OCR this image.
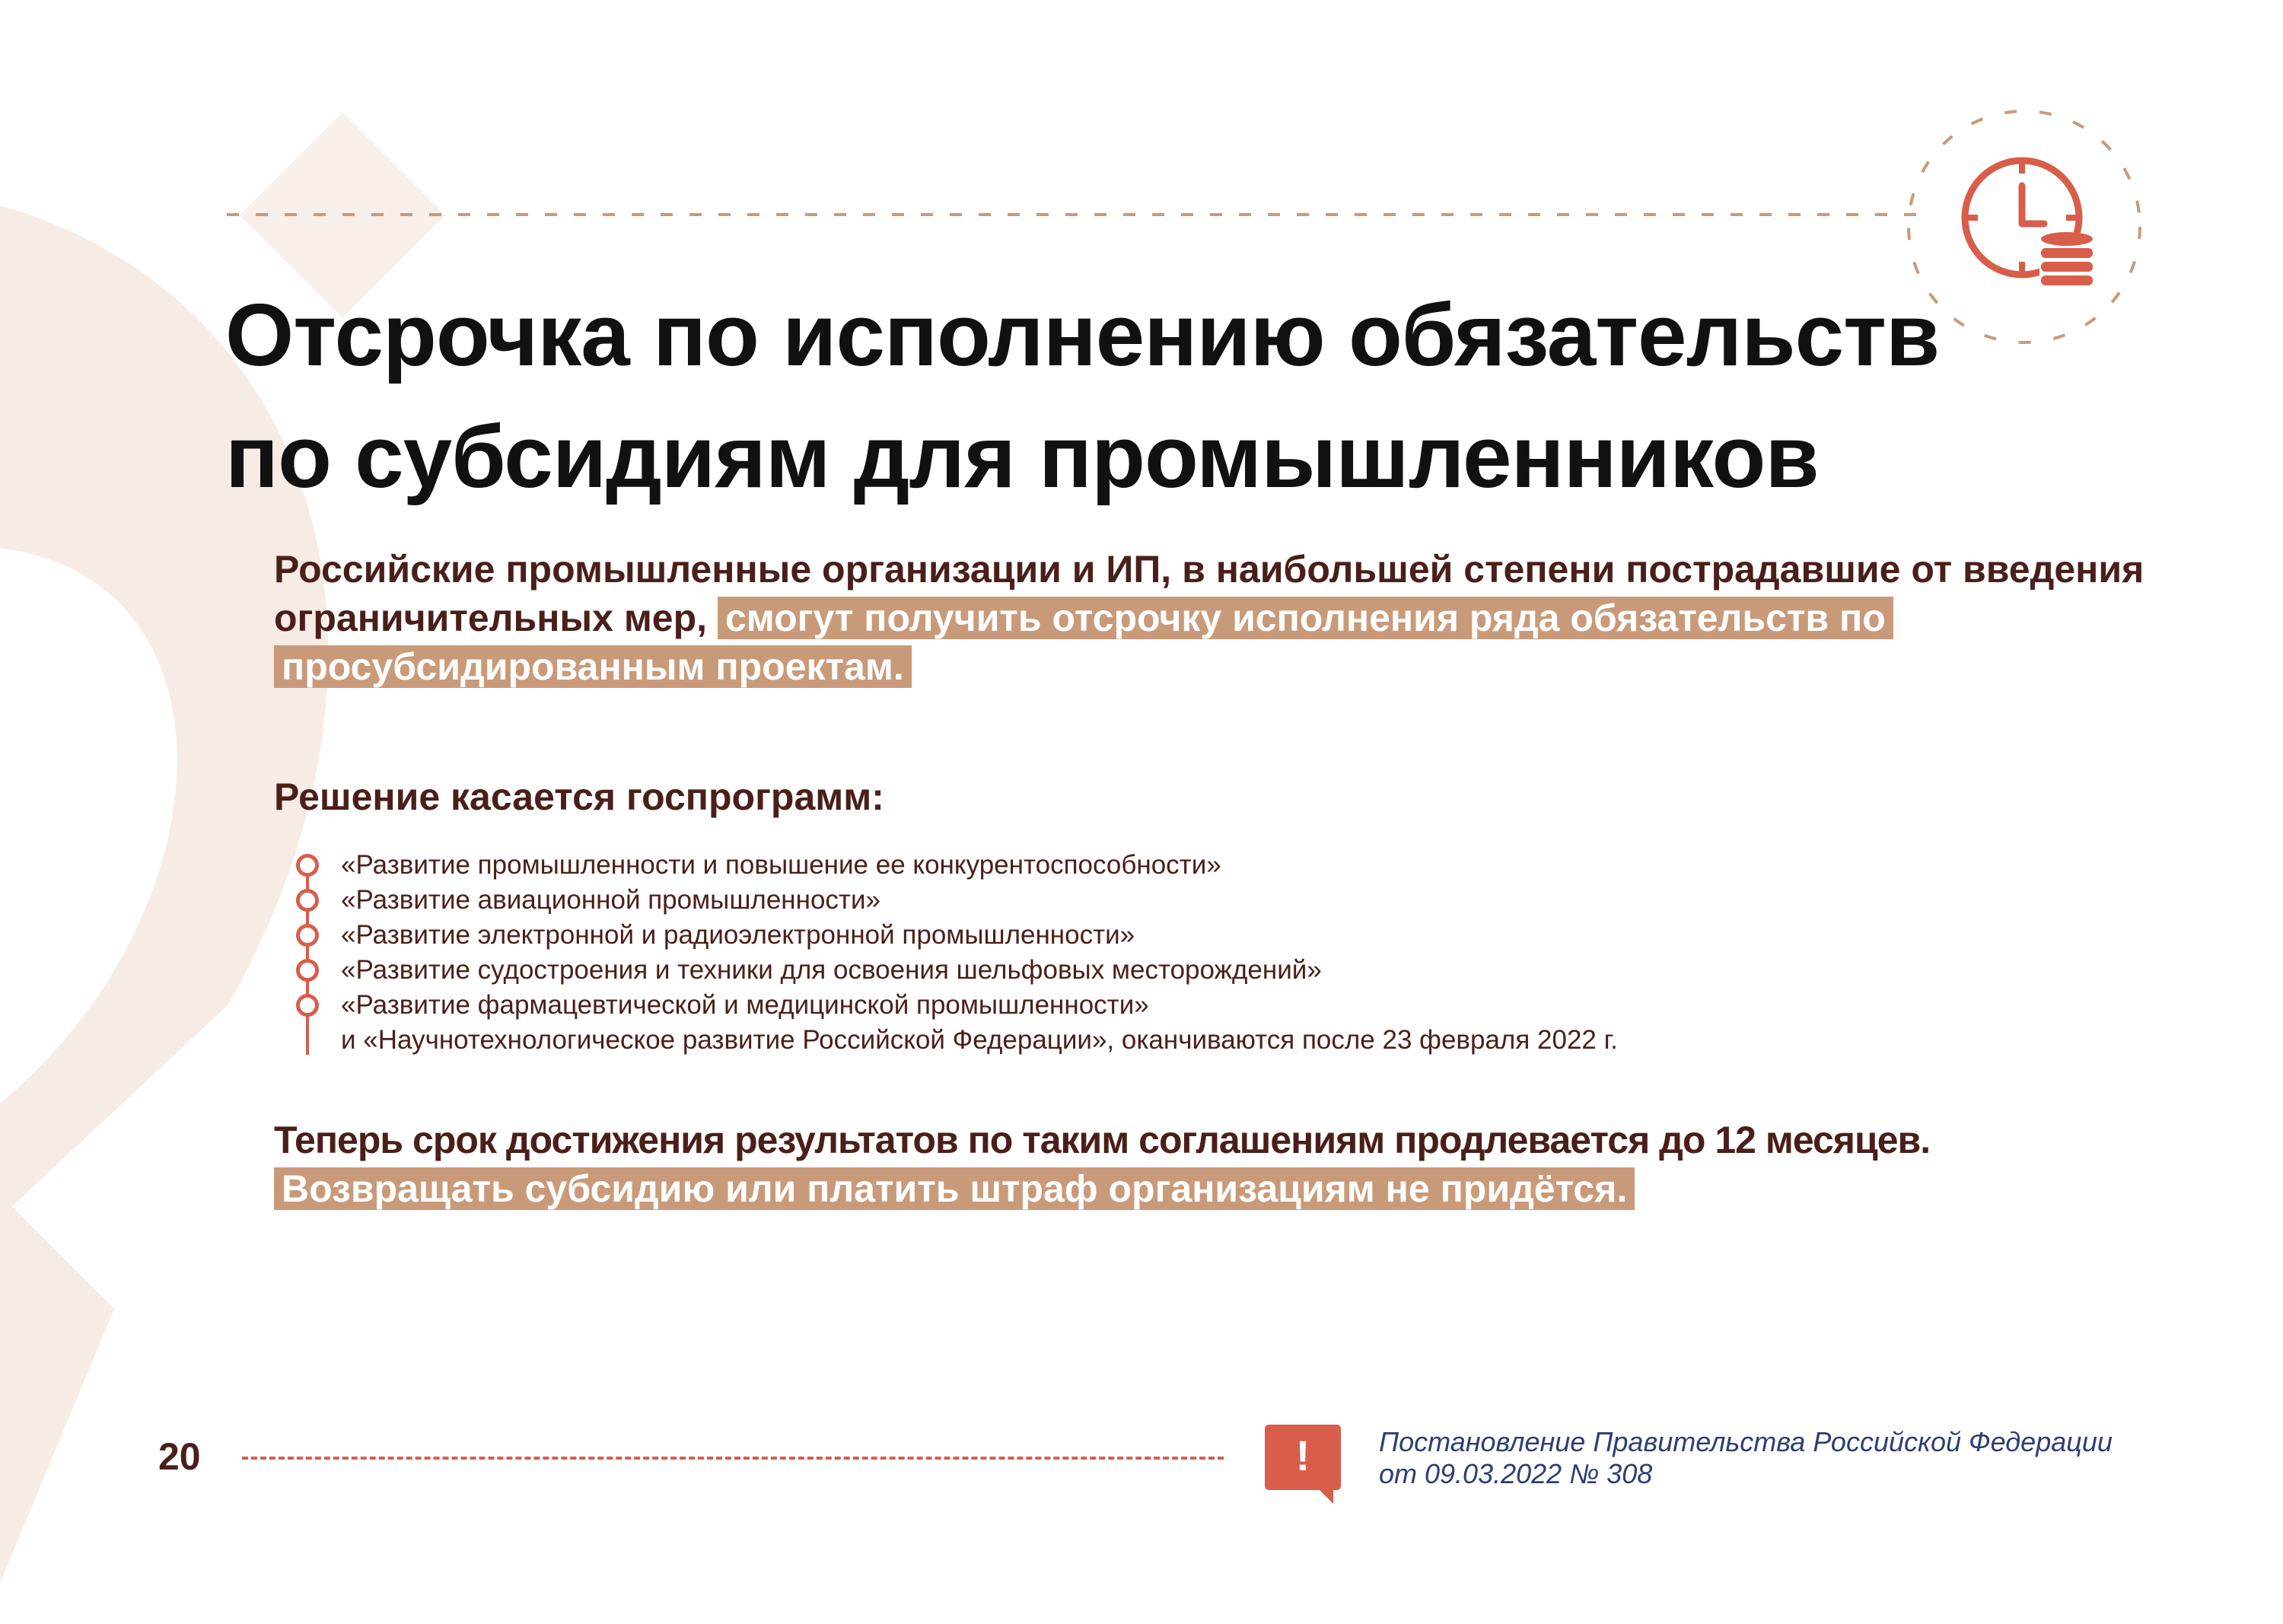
Отсрочка по исполнению обязательств
по субсидиям для промышленников

Российские промышленные организации и ИП, в наибольшей степени пострадавшие от введения ограничительных мер, смогут получить отсрочку исполнения ряда обязательств по просубсидированным проектам.

Решение касается госпрограмм:
«Развитие промышленности и повышение ее конкурентоспособности»
«Развитие авиационной промышленности»
«Развитие электронной и радиоэлектронной промышленности»
«Развитие судостроения и техники для освоения шельфовых месторождений»
«Развитие фармацевтической и медицинской промышленности»
и «Научнотехнологическое развитие Российской Федерации», оканчиваются после 23 февраля 2022 г.

Теперь срок достижения результатов по таким соглашениям продлевается до 12 месяцев.
Возвращать субсидию или платить штраф организациям не придётся.

20	!	Постановление Правительства Российской Федерации от 09.03.2022 № 308
